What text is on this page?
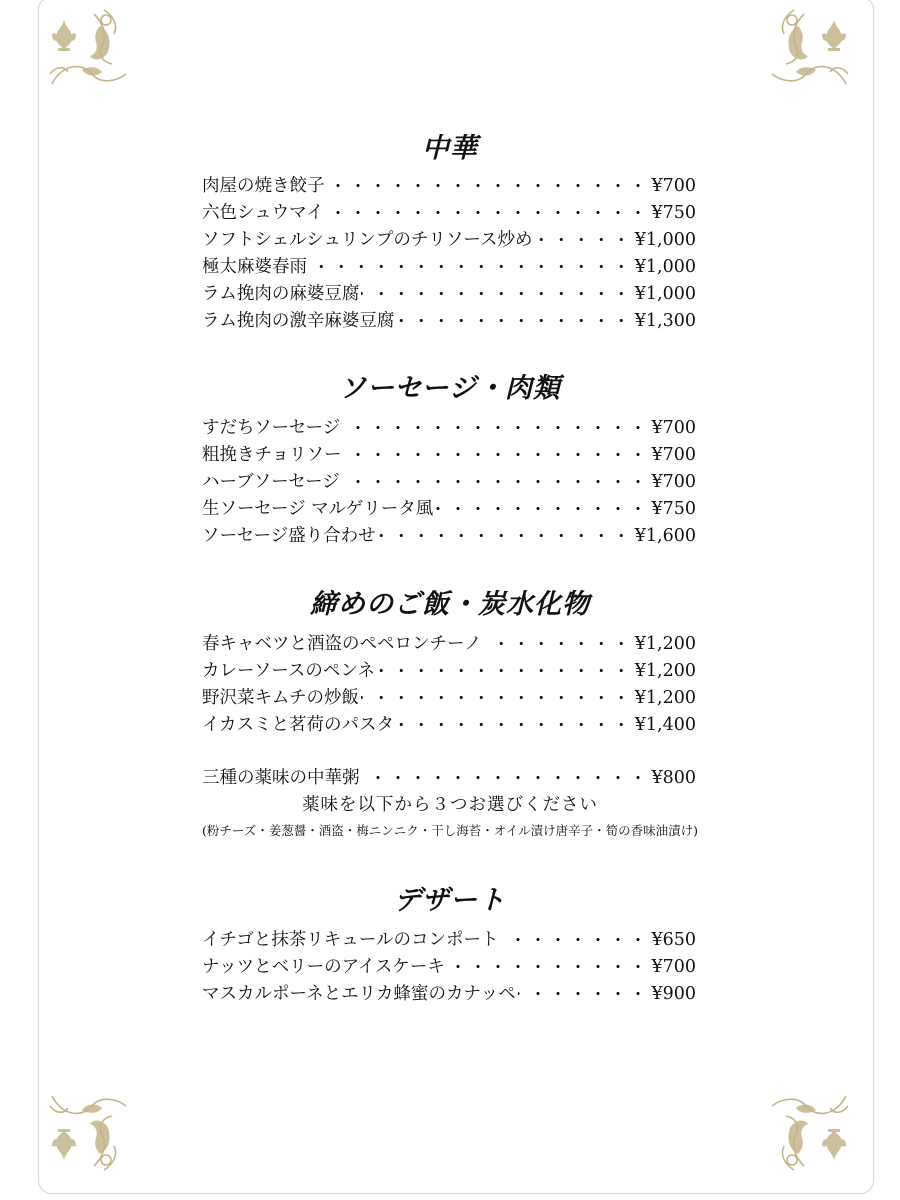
中華
肉屋の焼き餃子 ・・・・・・・・・・・・・・・・・・・・・・・・・・・・・・・・・・・・・	¥700
六色シュウマイ ・・・・・・・・・・・・・・・・・・・・・・・・・・・・・・・・・・・・・	¥750
ソフトシェルシュリンプのチリソース炒め ・・・・・・・・・・・・・・・・・・・・・・・・・・・・・・・・・・・・・	¥1,000
極太麻婆春雨 ・・・・・・・・・・・・・・・・・・・・・・・・・・・・・・・・・・・・・	¥1,000
ラム挽肉の麻婆豆腐 ・・・・・・・・・・・・・・・・・・・・・・・・・・・・・・・・・・・・・	¥1,000
ラム挽肉の激辛麻婆豆腐 ・・・・・・・・・・・・・・・・・・・・・・・・・・・・・・・・・・・・・	¥1,300
ソーセージ・肉類
すだちソーセージ ・・・・・・・・・・・・・・・・・・・・・・・・・・・・・・・・・・・・・	¥700
粗挽きチョリソー ・・・・・・・・・・・・・・・・・・・・・・・・・・・・・・・・・・・・・	¥700
ハーブソーセージ ・・・・・・・・・・・・・・・・・・・・・・・・・・・・・・・・・・・・・	¥700
生ソーセージ マルゲリータ風 ・・・・・・・・・・・・・・・・・・・・・・・・・・・・・・・・・・・・・	¥750
ソーセージ盛り合わせ ・・・・・・・・・・・・・・・・・・・・・・・・・・・・・・・・・・・・・	¥1,600
締めのご飯・炭水化物
春キャベツと酒盗のペペロンチーノ ・・・・・・・・・・・・・・・・・・・・・・・・・・・・・・・・・・・・・	¥1,200
カレーソースのペンネ ・・・・・・・・・・・・・・・・・・・・・・・・・・・・・・・・・・・・・	¥1,200
野沢菜キムチの炒飯 ・・・・・・・・・・・・・・・・・・・・・・・・・・・・・・・・・・・・・	¥1,200
イカスミと茗荷のパスタ ・・・・・・・・・・・・・・・・・・・・・・・・・・・・・・・・・・・・・	¥1,400
三種の薬味の中華粥 ・・・・・・・・・・・・・・・・・・・・・・・・・・・・・・・・・・・・・	¥800
薬味を以下から３つお選びください
(粉チーズ・姜葱醤・酒盗・梅ニンニク・干し海苔・オイル漬け唐辛子・筍の香味油漬け)
デザート
イチゴと抹茶リキュールのコンポート ・・・・・・・・・・・・・・・・・・・・・・・・・・・・・・・・・・・・・	¥650
ナッツとベリーのアイスケーキ ・・・・・・・・・・・・・・・・・・・・・・・・・・・・・・・・・・・・・	¥700
マスカルポーネとエリカ蜂蜜のカナッペ ・・・・・・・・・・・・・・・・・・・・・・・・・・・・・・・・・・・・・	¥900
